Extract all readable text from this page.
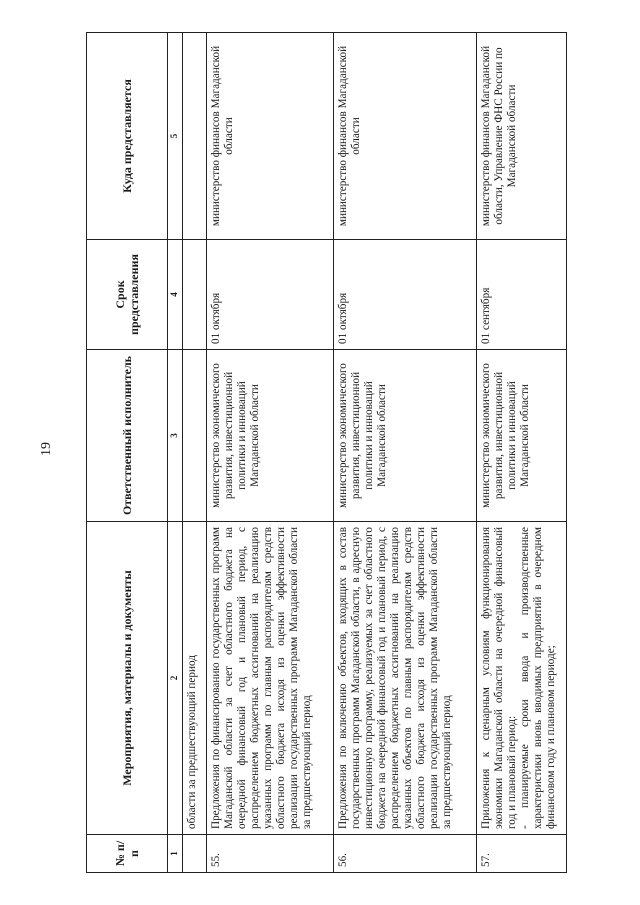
19
№ п/п	Мероприятия, материалы и документы	Ответственный исполнитель	Срок представления	Куда представляется
1	2	3	4	5
	области за предшествующий период			
55.	Предложения по финансированию государственных программ Магаданской области за счет областного бюджета на очередной финансовый год и плановый период, с распределением бюджетных ассигнований на реализацию указанных программ по главным распорядителям средств областного бюджета исходя из оценки эффективности реализации государственных программ Магаданской области за предшествующий период	министерство экономического развития, инвестиционной политики и инноваций Магаданской области	01 октября	министерство финансов Магаданской области
56.	Предложения по включению объектов, входящих в состав государственных программ Магаданской области, в адресную инвестиционную программу, реализуемых за счет областного бюджета на очередной финансовый год и плановый период, с распределением бюджетных ассигнований на реализацию указанных объектов по главным распорядителям средств областного бюджета исходя из оценки эффективности реализации государственных программ Магаданской области за предшествующий период	министерство экономического развития, инвестиционной политики и инноваций Магаданской области	01 октября	министерство финансов Магаданской области
57.	Приложения к сценарным условиям функционирования экономики Магаданской области на очередной финансовый год и плановый период: - планируемые сроки ввода и производственные характеристики вновь вводимых предприятий в очередном финансовом году и плановом периоде;	министерство экономического развития, инвестиционной политики и инноваций Магаданской области	01 сентября	министерство финансов Магаданской области, Управление ФНС России по Магаданской области
